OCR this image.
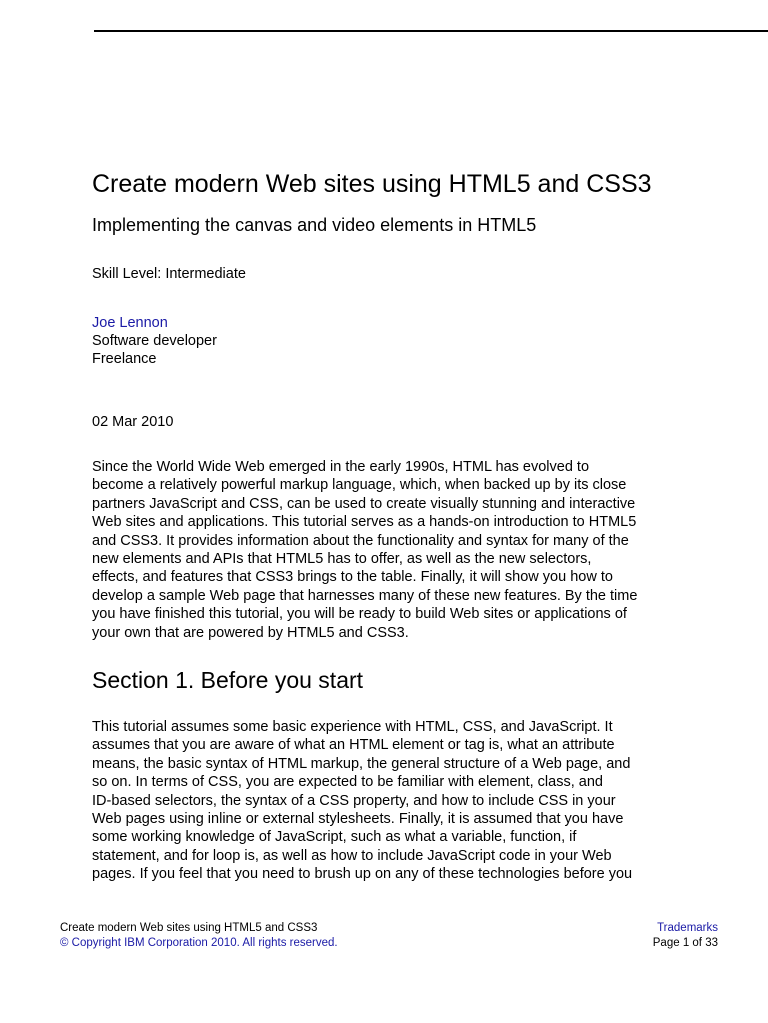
Create modern Web sites using HTML5 and CSS3
Implementing the canvas and video elements in HTML5
Skill Level: Intermediate
Joe Lennon
Software developer
Freelance
02 Mar 2010
Since the World Wide Web emerged in the early 1990s, HTML has evolved to
become a relatively powerful markup language, which, when backed up by its close
partners JavaScript and CSS, can be used to create visually stunning and interactive
Web sites and applications. This tutorial serves as a hands-on introduction to HTML5
and CSS3. It provides information about the functionality and syntax for many of the
new elements and APIs that HTML5 has to offer, as well as the new selectors,
effects, and features that CSS3 brings to the table. Finally, it will show you how to
develop a sample Web page that harnesses many of these new features. By the time
you have finished this tutorial, you will be ready to build Web sites or applications of
your own that are powered by HTML5 and CSS3.
Section 1. Before you start
This tutorial assumes some basic experience with HTML, CSS, and JavaScript. It
assumes that you are aware of what an HTML element or tag is, what an attribute
means, the basic syntax of HTML markup, the general structure of a Web page, and
so on. In terms of CSS, you are expected to be familiar with element, class, and
ID-based selectors, the syntax of a CSS property, and how to include CSS in your
Web pages using inline or external stylesheets. Finally, it is assumed that you have
some working knowledge of JavaScript, such as what a variable, function, if
statement, and for loop is, as well as how to include JavaScript code in your Web
pages. If you feel that you need to brush up on any of these technologies before you
Create modern Web sites using HTML5 and CSS3
© Copyright IBM Corporation 2010. All rights reserved.
Trademarks
Page 1 of 33
